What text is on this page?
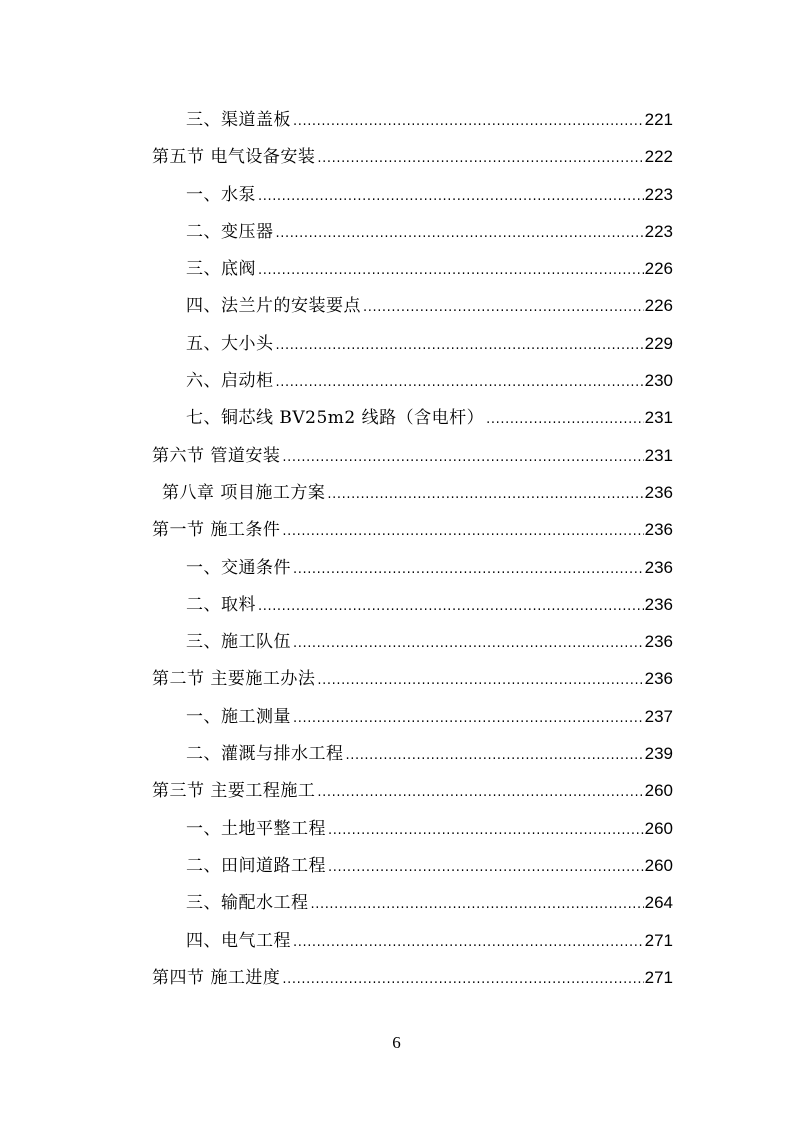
三、渠道盖板 .....	221
第五节 电气设备安装 .....	222
一、水泵 .....	223
二、变压器 .....	223
三、底阀 .....	226
四、法兰片的安装要点 .....	226
五、大小头 .....	229
六、启动柜 .....	230
七、铜芯线 BV25m2 线路（含电杆） .....	231
第六节 管道安装 .....	231
第八章 项目施工方案 .....	236
第一节 施工条件 .....	236
一、交通条件 .....	236
二、取料 .....	236
三、施工队伍 .....	236
第二节 主要施工办法 .....	236
一、施工测量 .....	237
二、灌溉与排水工程 .....	239
第三节 主要工程施工 .....	260
一、土地平整工程 .....	260
二、田间道路工程 .....	260
三、输配水工程 .....	264
四、电气工程 .....	271
第四节 施工进度 .....	271
6
